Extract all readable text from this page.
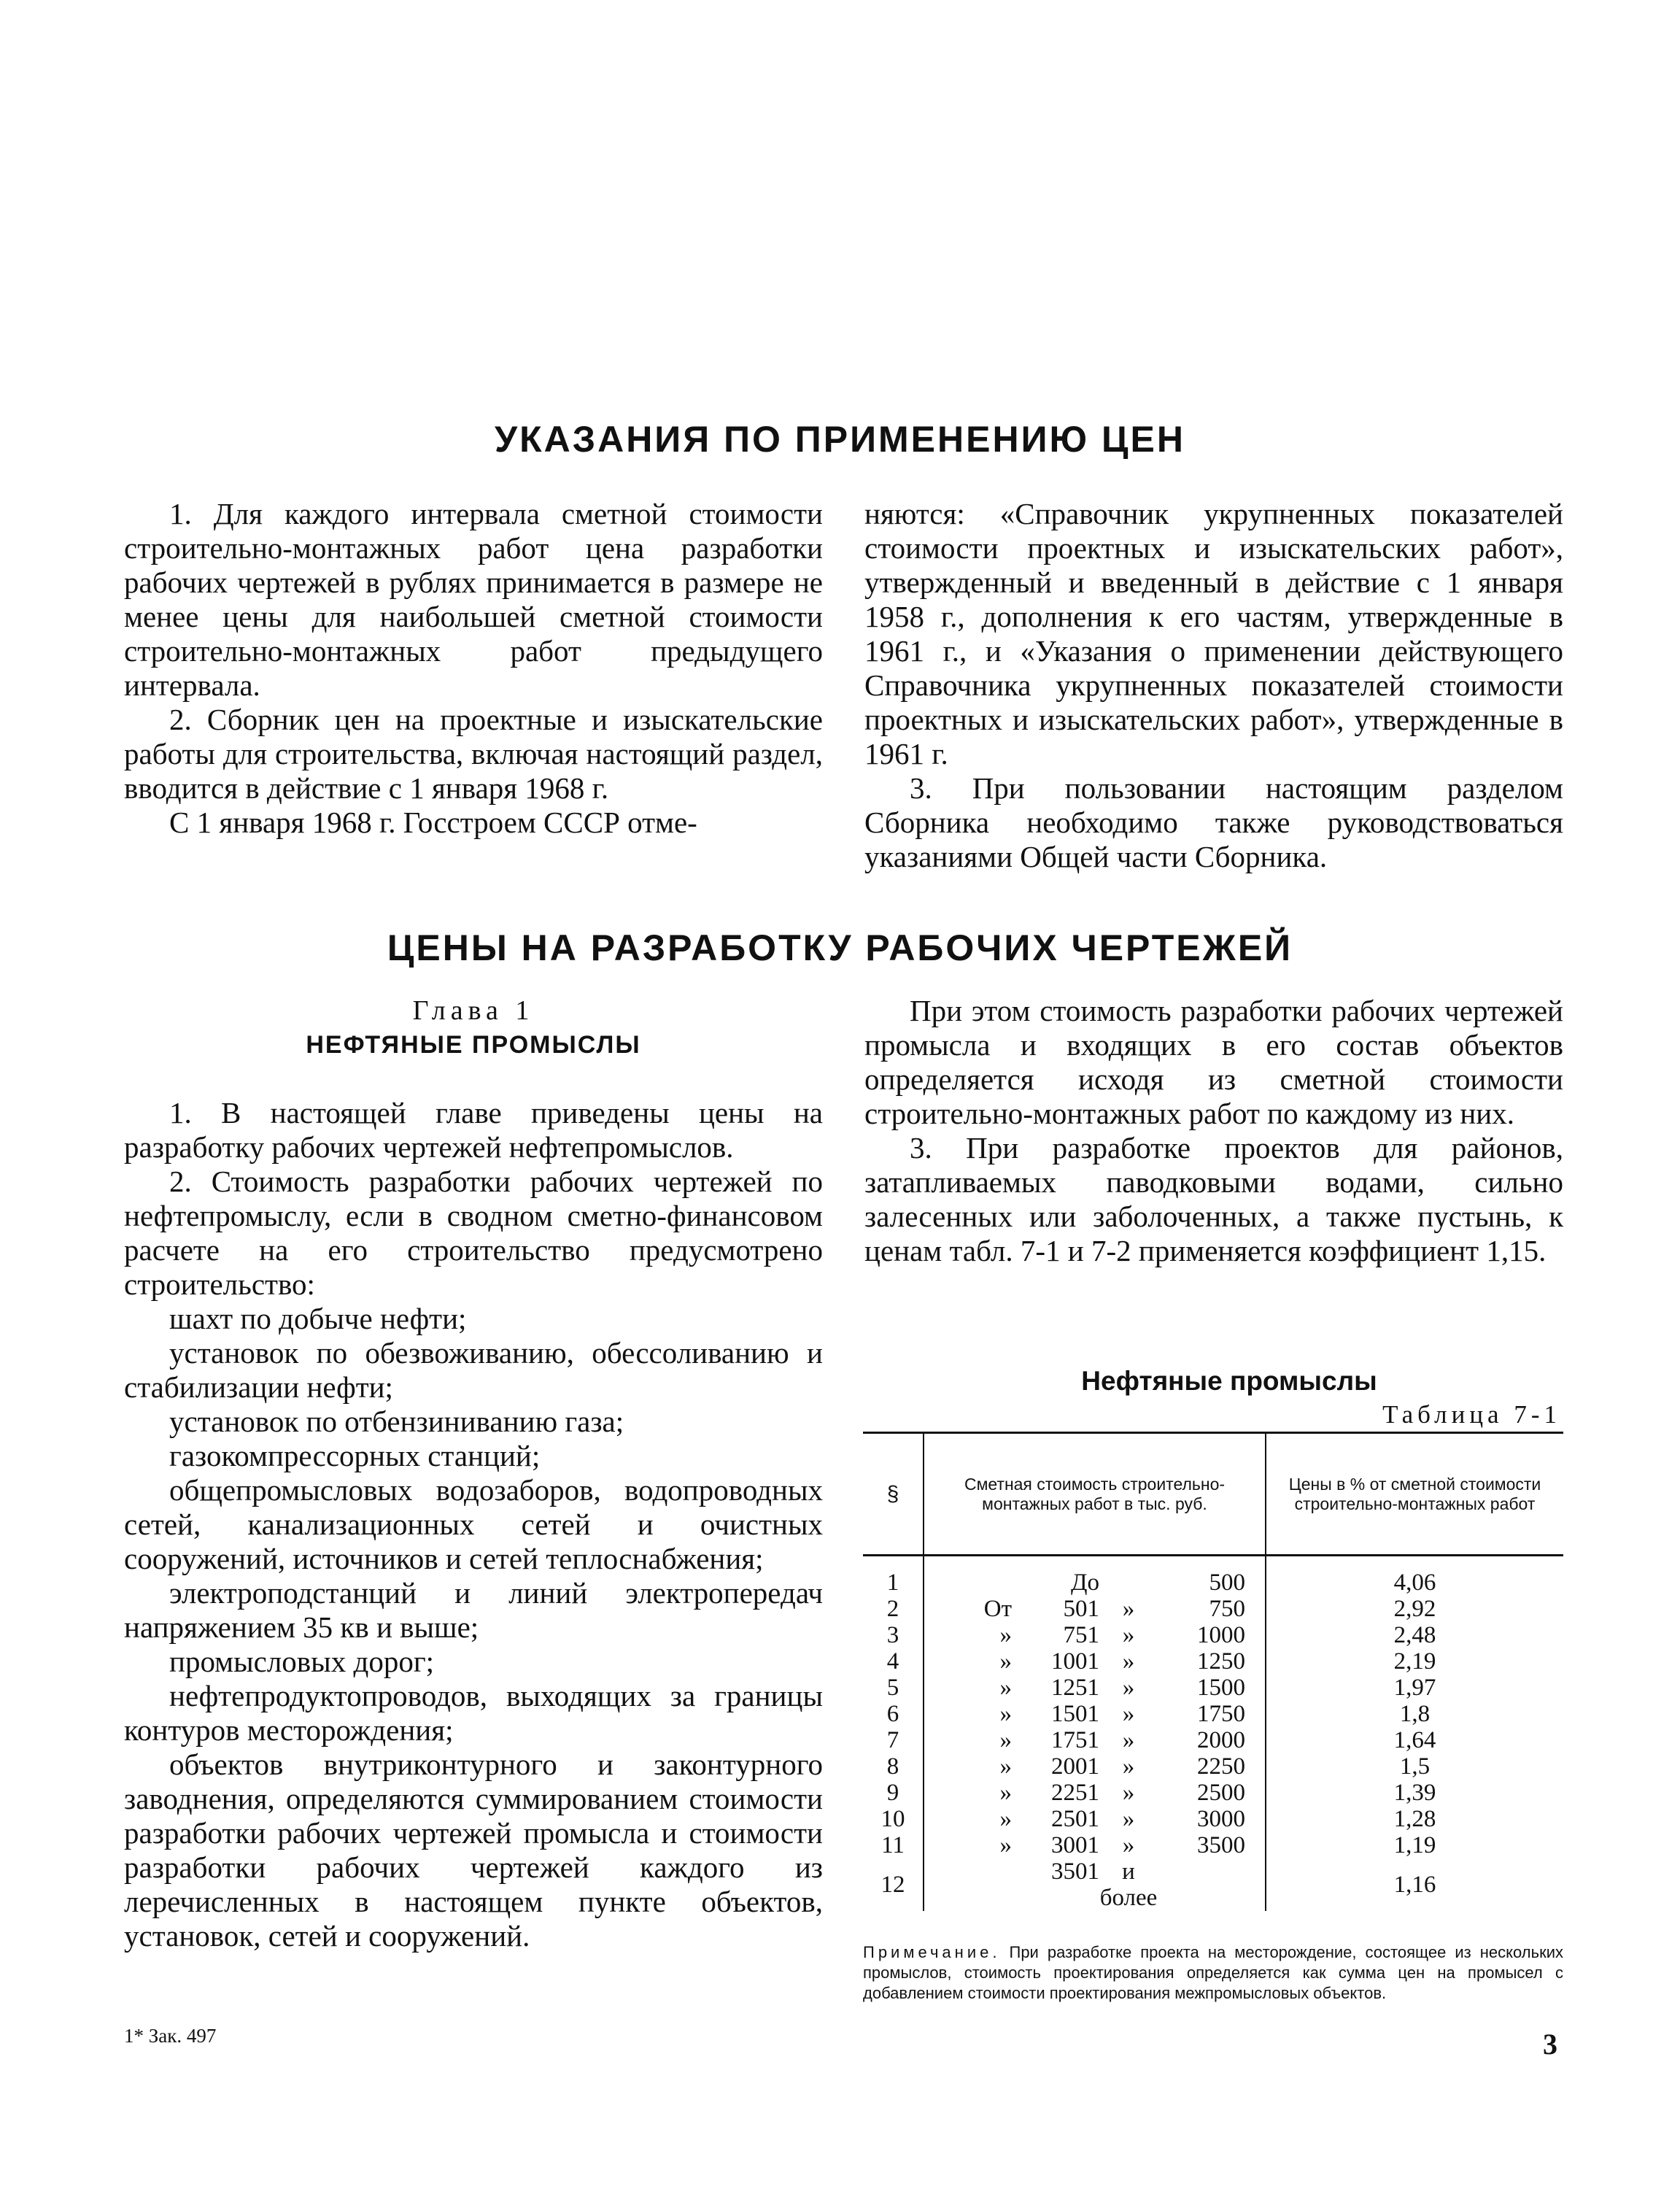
УКАЗАНИЯ ПО ПРИМЕНЕНИЮ ЦЕН

1. Для каждого интервала сметной стоимости строительно-монтажных работ цена разработки рабочих чертежей в рублях принимается в размере не менее цены для наибольшей сметной стоимости строительно-монтажных работ предыдущего интервала.

2. Сборник цен на проектные и изыскательские работы для строительства, включая настоящий раздел, вводится в действие с 1 января 1968 г.

С 1 января 1968 г. Госстроем СССР отме-

няются: «Справочник укрупненных показателей стоимости проектных и изыскательских работ», утвержденный и введенный в действие с 1 января 1958 г., дополнения к его частям, утвержденные в 1961 г., и «Указания о применении действующего Справочника укрупненных показателей стоимости проектных и изыскательских работ», утвержденные в 1961 г.

3. При пользовании настоящим разделом Сборника необходимо также руководствоваться указаниями Общей части Сборника.

ЦЕНЫ НА РАЗРАБОТКУ РАБОЧИХ ЧЕРТЕЖЕЙ

Глава 1

НЕФТЯНЫЕ ПРОМЫСЛЫ

1. В настоящей главе приведены цены на разработку рабочих чертежей нефтепромыслов.

2. Стоимость разработки рабочих чертежей по нефтепромыслу, если в сводном сметно-финансовом расчете на его строительство предусмотрено строительство:

шахт по добыче нефти;

установок по обезвоживанию, обессоливанию и стабилизации нефти;

установок по отбензиниванию газа;

газокомпрессорных станций;

общепромысловых водозаборов, водопроводных сетей, канализационных сетей и очистных сооружений, источников и сетей теплоснабжения;

электроподстанций и линий электропередач напряжением 35 кв и выше;

промысловых дорог;

нефтепродуктопроводов, выходящих за границы контуров месторождения;

объектов внутриконтурного и законтурного заводнения, определяются суммированием стоимости разработки рабочих чертежей промысла и стоимости разработки рабочих чертежей каждого из леречисленных в настоящем пункте объектов, установок, сетей и сооружений.

При этом стоимость разработки рабочих чертежей промысла и входящих в его состав объектов определяется исходя из сметной стоимости строительно-монтажных работ по каждому из них.

3. При разработке проектов для районов, затапливаемых паводковыми водами, сильно залесенных или заболоченных, а также пустынь, к ценам табл. 7-1 и 7-2 применяется коэффициент 1,15.

Нефтяные промыслы

Таблица 7-1

§	Сметная стоимость строительно-монтажных работ в тыс. руб.	Цены в % от сметной стоимости строительно-монтажных работ
1	До 500	4,06
2	От 501 » 750	2,92
3	» 751 » 1000	2,48
4	» 1001 » 1250	2,19
5	» 1251 » 1500	1,97
6	» 1501 » 1750	1,8
7	» 1751 » 2000	1,64
8	» 2001 » 2250	1,5
9	» 2251 » 2500	1,39
10	» 2501 » 3000	1,28
11	» 3001 » 3500	1,19
12	3501 и более	1,16

Примечание. При разработке проекта на месторождение, состоящее из нескольких промыслов, стоимость проектирования определяется как сумма цен на промысел с добавлением стоимости проектирования межпромысловых объектов.

1* Зак. 497	3
